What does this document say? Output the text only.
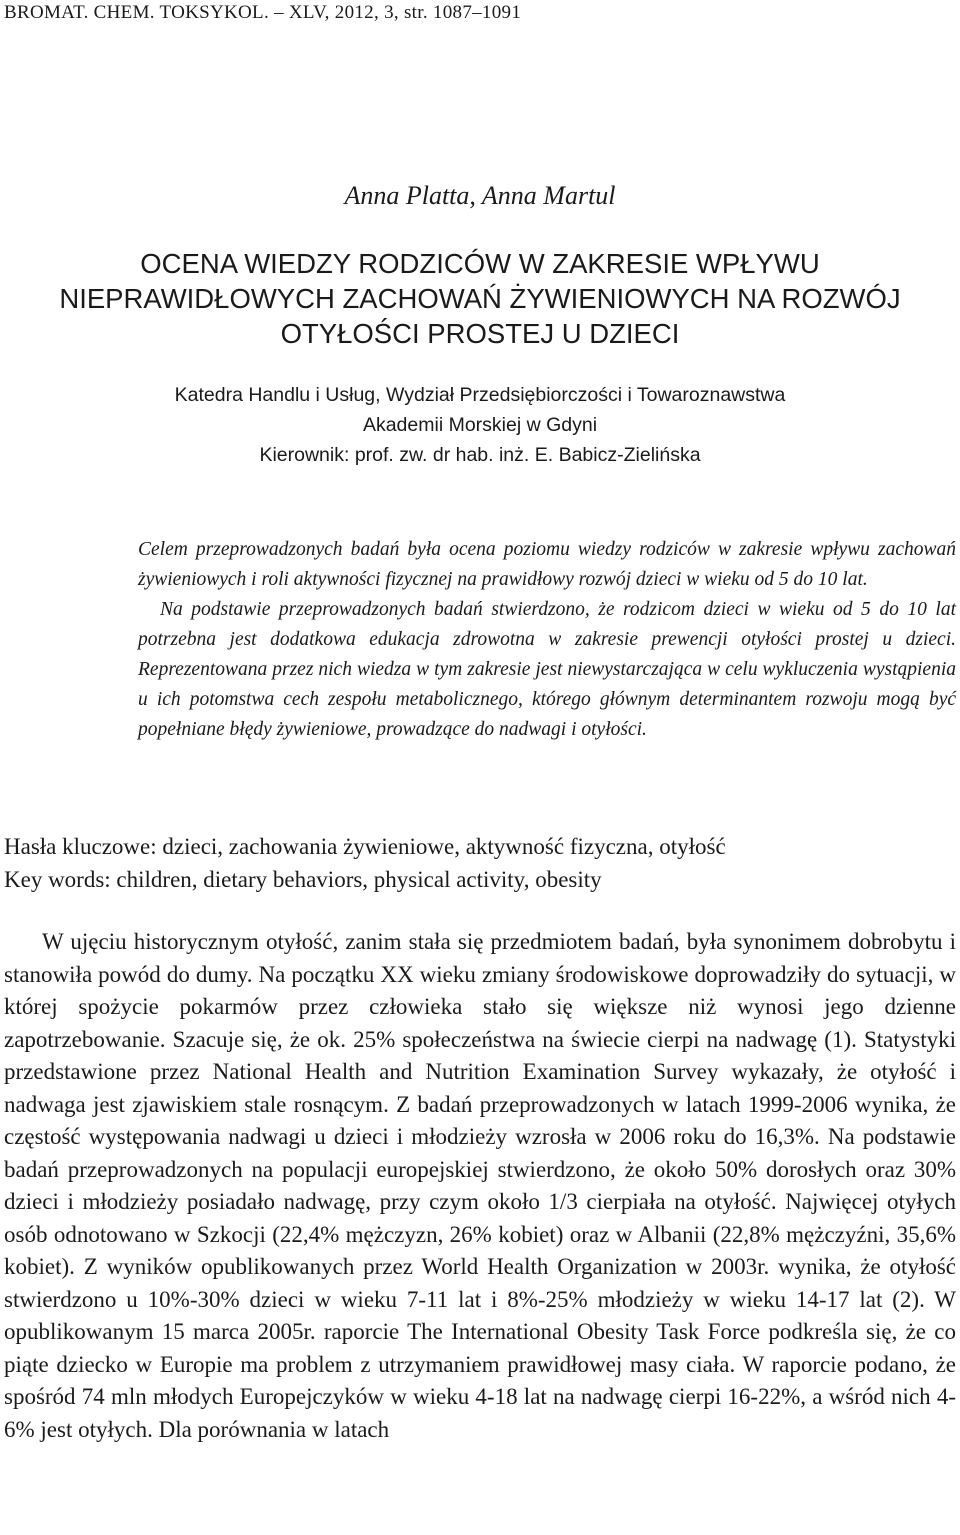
BROMAT. CHEM. TOKSYKOL. – XLV, 2012, 3, str. 1087–1091
Anna Platta, Anna Martul
OCENA WIEDZY RODZICÓW W ZAKRESIE WPŁYWU
NIEPRAWIDŁOWYCH ZACHOWAŃ ŻYWIENIOWYCH NA ROZWÓJ
OTYŁOŚCI PROSTEJ U DZIECI
Katedra Handlu i Usług, Wydział Przedsiębiorczości i Towaroznawstwa
Akademii Morskiej w Gdyni
Kierownik: prof. zw. dr hab. inż. E. Babicz-Zielińska

Celem przeprowadzonych badań była ocena poziomu wiedzy rodziców w zakresie wpływu zachowań żywieniowych i roli aktywności fizycznej na prawidłowy rozwój dzieci w wieku od 5 do 10 lat.

Na podstawie przeprowadzonych badań stwierdzono, że rodzicom dzieci w wieku od 5 do 10 lat potrzebna jest dodatkowa edukacja zdrowotna w zakresie prewencji otyłości prostej u dzieci. Reprezentowana przez nich wiedza w tym zakresie jest niewystarczająca w celu wykluczenia wystąpienia u ich potomstwa cech zespołu metabolicznego, którego głównym determinantem rozwoju mogą być popełniane błędy żywieniowe, prowadzące do nadwagi i otyłości.

Hasła kluczowe: dzieci, zachowania żywieniowe, aktywność fizyczna, otyłość
Key words: children, dietary behaviors, physical activity, obesity

W ujęciu historycznym otyłość, zanim stała się przedmiotem badań, była synonimem dobrobytu i stanowiła powód do dumy. Na początku XX wieku zmiany środowiskowe doprowadziły do sytuacji, w której spożycie pokarmów przez człowieka stało się większe niż wynosi jego dzienne zapotrzebowanie. Szacuje się, że ok. 25% społeczeństwa na świecie cierpi na nadwagę (1). Statystyki przedstawione przez National Health and Nutrition Examination Survey wykazały, że otyłość i nadwaga jest zjawiskiem stale rosnącym. Z badań przeprowadzonych w latach 1999-2006 wynika, że częstość występowania nadwagi u dzieci i młodzieży wzrosła w 2006 roku do 16,3%. Na podstawie badań przeprowadzonych na populacji europejskiej stwierdzono, że około 50% dorosłych oraz 30% dzieci i młodzieży posiadało nadwagę, przy czym około 1/3 cierpiała na otyłość. Najwięcej otyłych osób odnotowano w Szkocji (22,4% mężczyzn, 26% kobiet) oraz w Albanii (22,8% mężczyźni, 35,6% kobiet). Z wyników opublikowanych przez World Health Organization w 2003r. wynika, że otyłość stwierdzono u 10%-30% dzieci w wieku 7-11 lat i 8%-25% młodzieży w wieku 14-17 lat (2). W opublikowanym 15 marca 2005r. raporcie The International Obesity Task Force podkreśla się, że co piąte dziecko w Europie ma problem z utrzymaniem prawidłowej masy ciała. W raporcie podano, że spośród 74 mln młodych Europejczyków w wieku 4-18 lat na nadwagę cierpi 16-22%, a wśród nich 4-6% jest otyłych. Dla porównania w latach
